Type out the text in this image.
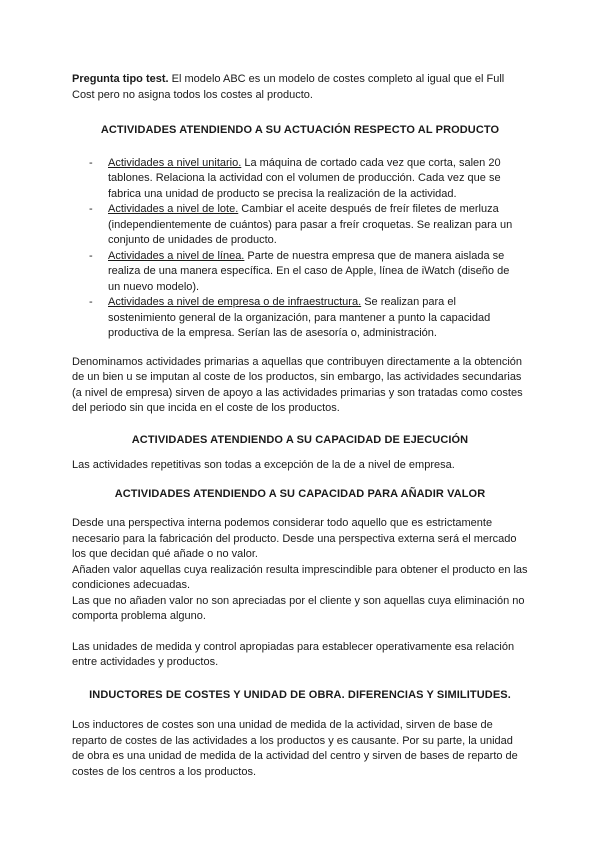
Pregunta tipo test. El modelo ABC es un modelo de costes completo al igual que el Full Cost pero no asigna todos los costes al producto.

ACTIVIDADES ATENDIENDO A SU ACTUACIÓN RESPECTO AL PRODUCTO
- Actividades a nivel unitario. La máquina de cortado cada vez que corta, salen 20 tablones. Relaciona la actividad con el volumen de producción. Cada vez que se fabrica una unidad de producto se precisa la realización de la actividad.
- Actividades a nivel de lote. Cambiar el aceite después de freír filetes de merluza (independientemente de cuántos) para pasar a freír croquetas. Se realizan para un conjunto de unidades de producto.
- Actividades a nivel de línea. Parte de nuestra empresa que de manera aislada se realiza de una manera específica. En el caso de Apple, línea de iWatch (diseño de un nuevo modelo).
- Actividades a nivel de empresa o de infraestructura. Se realizan para el sostenimiento general de la organización, para mantener a punto la capacidad productiva de la empresa. Serían las de asesoría o, administración.

Denominamos actividades primarias a aquellas que contribuyen directamente a la obtención de un bien u se imputan al coste de los productos, sin embargo, las actividades secundarias (a nivel de empresa) sirven de apoyo a las actividades primarias y son tratadas como costes del periodo sin que incida en el coste de los productos.

ACTIVIDADES ATENDIENDO A SU CAPACIDAD DE EJECUCIÓN

Las actividades repetitivas son todas a excepción de la de a nivel de empresa.

ACTIVIDADES ATENDIENDO A SU CAPACIDAD PARA AÑADIR VALOR

Desde una perspectiva interna podemos considerar todo aquello que es estrictamente necesario para la fabricación del producto. Desde una perspectiva externa será el mercado los que decidan qué añade o no valor.

Añaden valor aquellas cuya realización resulta imprescindible para obtener el producto en las condiciones adecuadas.

Las que no añaden valor no son apreciadas por el cliente y son aquellas cuya eliminación no comporta problema alguno.

Las unidades de medida y control apropiadas para establecer operativamente esa relación entre actividades y productos.

INDUCTORES DE COSTES Y UNIDAD DE OBRA. DIFERENCIAS Y SIMILITUDES.

Los inductores de costes son una unidad de medida de la actividad, sirven de base de reparto de costes de las actividades a los productos y es causante. Por su parte, la unidad de obra es una unidad de medida de la actividad del centro y sirven de bases de reparto de costes de los centros a los productos.
